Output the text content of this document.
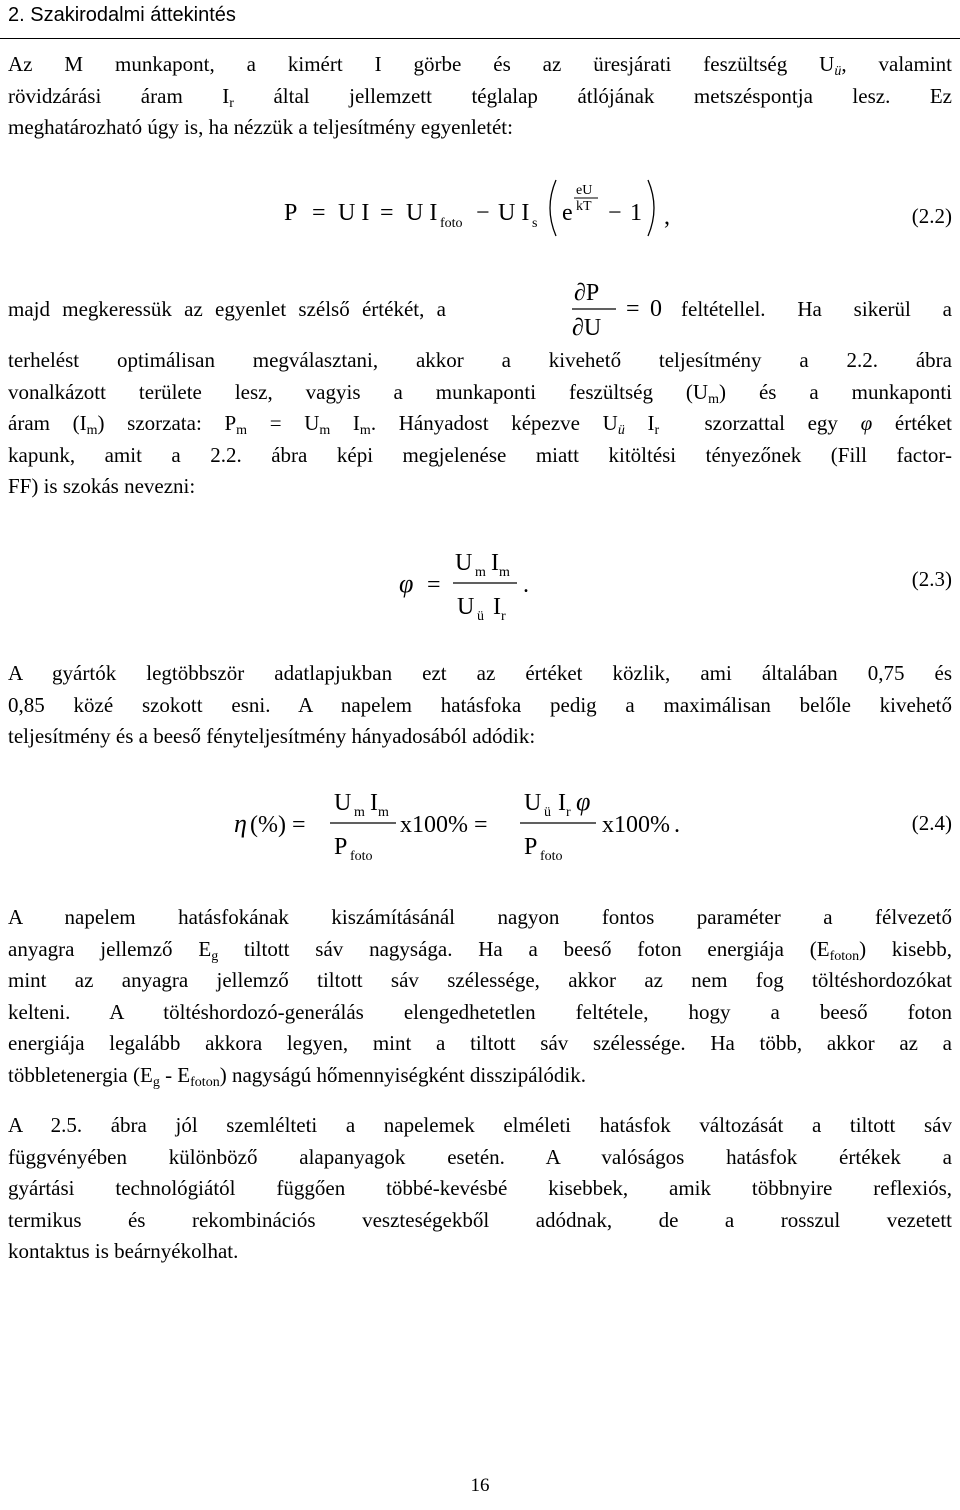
2. Szakirodalmi áttekintés
Az M munkapont, a kimért I görbe és az üresjárati feszültség $U_ü$, valamint
rövidzárási áram $I_r$ által jellemzett téglalap átlójának metszéspontja lesz. Ez
meghatározható úgy is, ha nézzük a teljesítmény egyenletét:
P = U I = U I foto − U I s e
eU
kT − 1 ,	(2.2)
majd megkeressük az egyenlet szélső értékét, a
∂P
∂U
= 0 feltétellel. Ha sikerül a
terhelést optimálisan megválasztani, akkor a kivehető teljesítmény a 2.2. ábra
vonalkázott területe lesz, vagyis a munkaponti feszültség $(U_m)$ és a munkaponti
áram $(I_m)$ szorzata: $P_m = U_m$ $I_m$. Hányadost képezve $U_ü$ $I_r$ szorzattal egy φ értéket
kapunk, amit a 2.2. ábra képi megjelenése miatt kitöltési tényezőnek (Fill factor-
FF) is szokás nevezni:
φ =
U m I m
U ü I r
.	(2.3)
A gyártók legtöbbször adatlapjukban ezt az értéket közlik, ami általában 0,75 és
0,85 közé szokott esni. A napelem hatásfoka pedig a maximálisan belőle kivehető
teljesítmény és a beeső fényteljesítmény hányadosából adódik:
η (%) =
U m I m
P foto
x100 % =
U ü I r φ
P foto
x100 % .	(2.4)
A napelem hatásfokának kiszámításánál nagyon fontos paraméter a félvezető
anyagra jellemző $E_g$ tiltott sáv nagysága. Ha a beeső foton energiája $(E_{foton})$ kisebb,
mint az anyagra jellemző tiltott sáv szélessége, akkor az nem fog töltéshordozókat
kelteni. A töltéshordozó-generálás elengedhetetlen feltétele, hogy a beeső foton
energiája legalább akkora legyen, mint a tiltott sáv szélessége. Ha több, akkor az a
többletenergia $(E_g - E_{foton})$ nagyságú hőmennyiségként disszipálódik.
A 2.5. ábra jól szemlélteti a napelemek elméleti hatásfok változását a tiltott sáv
függvényében különböző alapanyagok esetén. A valóságos hatásfok értékek a
gyártási technológiától függően többé-kevésbé kisebbek, amik többnyire reflexiós,
termikus és rekombinációs veszteségekből adódnak, de a rosszul vezetett
kontaktus is beárnyékolhat.
16
